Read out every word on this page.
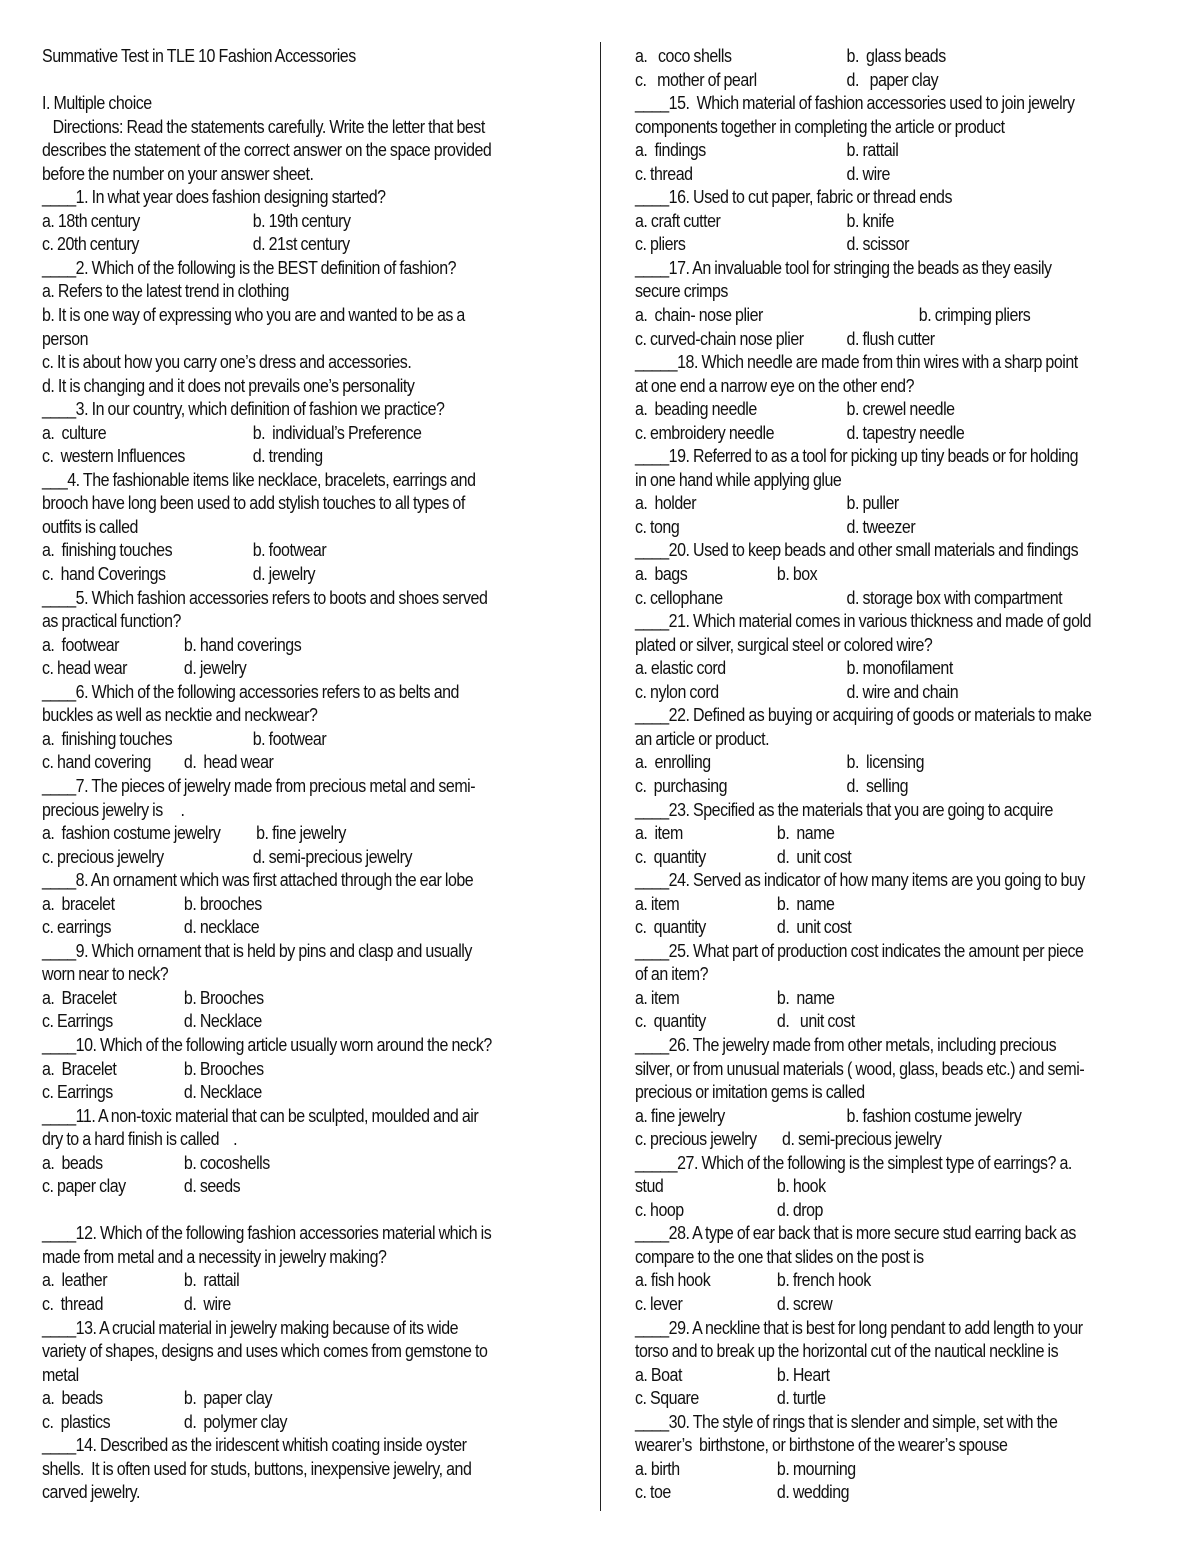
Summative Test in TLE 10 Fashion Accessories
I. Multiple choice
Directions: Read the statements carefully. Write the letter that best
describes the statement of the correct answer on the space provided
before the number on your answer sheet.
____1. In what year does fashion designing started?
a. 18th century	b. 19th century
c. 20th century	d. 21st century
____2. Which of the following is the BEST definition of fashion?
a. Refers to the latest trend in clothing
b. It is one way of expressing who you are and wanted to be as a
person
c. It is about how you carry one’s dress and accessories.
d. It is changing and it does not prevails one’s personality
____3. In our country, which definition of fashion we practice?
a.  culture	b.  individual’s Preference
c.  western Influences	d. trending
___4. The fashionable items like necklace, bracelets, earrings and
brooch have long been used to add stylish touches to all types of
outfits is called
a.  finishing touches	b. footwear
c.  hand Coverings	d. jewelry
____5. Which fashion accessories refers to boots and shoes served
as practical function?
a.  footwear	b. hand coverings
c. head wear	d. jewelry
____6. Which of the following accessories refers to as belts and
buckles as well as necktie and neckwear?
a.  finishing touches	b. footwear
c. hand covering d.  head wear
____7. The pieces of jewelry made from precious metal and semi-
precious jewelry is     .
a.  fashion costume jewelry b. fine jewelry
c. precious jewelry	d. semi-precious jewelry
____8. An ornament which was first attached through the ear lobe
a.  bracelet	b. brooches
c. earrings	d. necklace
____9. Which ornament that is held by pins and clasp and usually
worn near to neck?
a.  Bracelet	b. Brooches
c. Earrings	d. Necklace
____10. Which of the following article usually worn around the neck?
a.  Bracelet	b. Brooches
c. Earrings	d. Necklace
____11. A non-toxic material that can be sculpted, moulded and air
dry to a hard finish is called    .
a.  beads	b. cocoshells
c. paper clay	d. seeds
____12. Which of the following fashion accessories material which is
made from metal and a necessity in jewelry making?
a.  leather	b.  rattail
c.  thread	d.  wire
____13. A crucial material in jewelry making because of its wide
variety of shapes, designs and uses which comes from gemstone to
metal
a.  beads	b.  paper clay
c.  plastics	d.  polymer clay
____14. Described as the iridescent whitish coating inside oyster
shells.  It is often used for studs, buttons, inexpensive jewelry, and
carved jewelry.
a.   coco shells	b.  glass beads
c.   mother of pearl	d.   paper clay
____15.  Which material of fashion accessories used to join jewelry
components together in completing the article or product
a.  findings	b. rattail
c. thread	d. wire
____16. Used to cut paper, fabric or thread ends
a. craft cutter	b. knife
c. pliers	d. scissor
____17. An invaluable tool for stringing the beads as they easily
secure crimps
a.  chain- nose plier	b. crimping pliers
c. curved-chain nose plier d. flush cutter
_____18. Which needle are made from thin wires with a sharp point
at one end a narrow eye on the other end?
a.  beading needle	b. crewel needle
c. embroidery needle	d. tapestry needle
____19. Referred to as a tool for picking up tiny beads or for holding
in one hand while applying glue
a.  holder	b. puller
c. tong	d. tweezer
____20. Used to keep beads and other small materials and findings
a.  bags	b. box
c. cellophane	d. storage box with compartment
____21. Which material comes in various thickness and made of gold
plated or silver, surgical steel or colored wire?
a. elastic cord	b. monofilament
c. nylon cord	d. wire and chain
____22. Defined as buying or acquiring of goods or materials to make
an article or product.
a.  enrolling	b.  licensing
c.  purchasing	d.  selling
____23. Specified as the materials that you are going to acquire
a.  item	b.  name
c.  quantity	d.  unit cost
____24. Served as indicator of how many items are you going to buy
a. item	b.  name
c.  quantity	d.  unit cost
____25. What part of production cost indicates the amount per piece
of an item?
a. item	b.  name
c.  quantity	d.   unit cost
____26. The jewelry made from other metals, including precious
silver, or from unusual materials ( wood, glass, beads etc.) and semi-
precious or imitation gems is called
a. fine jewelry	b. fashion costume jewelry
c. precious jewelry d. semi-precious jewelry
_____27. Which of the following is the simplest type of earrings? a.
stud	b. hook
c. hoop	d. drop
____28. A type of ear back that is more secure stud earring back as
compare to the one that slides on the post is
a. fish hook	b. french hook
c. lever	d. screw
____29. A neckline that is best for long pendant to add length to your
torso and to break up the horizontal cut of the nautical neckline is
a. Boat	b. Heart
c. Square	d. turtle
____30. The style of rings that is slender and simple, set with the
wearer’s  birthstone, or birthstone of the wearer’s spouse
a. birth	b. mourning
c. toe	d. wedding
